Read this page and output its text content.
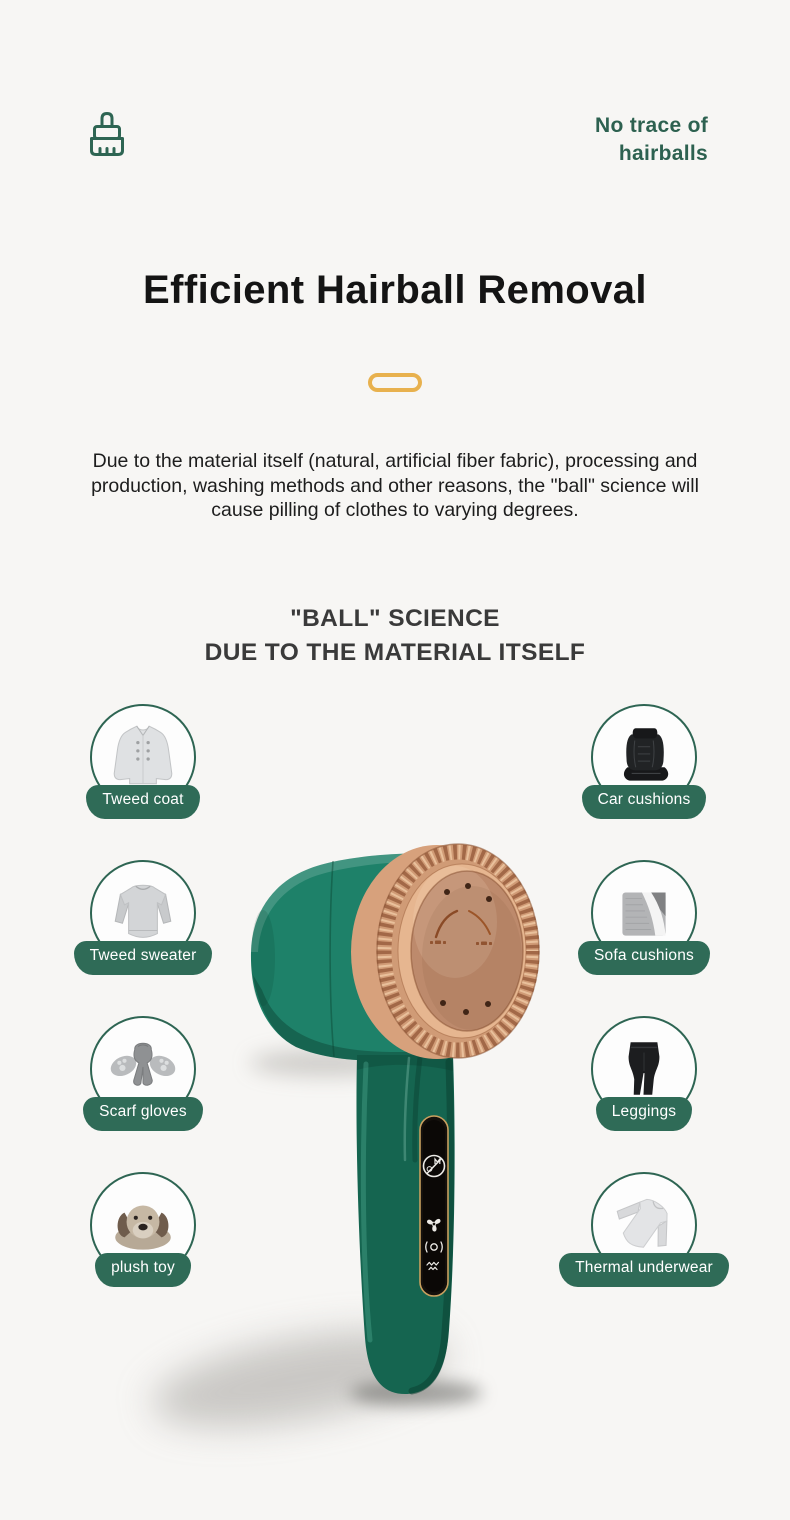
No trace of
hairballs
Efficient Hairball Removal
Due to the material itself (natural, artificial fiber fabric), processing and production, washing methods and other reasons, the "ball" science will cause pilling of clothes to varying degrees.
"BALL" SCIENCE
DUE TO THE MATERIAL ITSELF
Tweed coat
Tweed sweater
Scarf gloves
plush toy
Car cushions
Sofa cushions
Leggings
Thermal underwear
